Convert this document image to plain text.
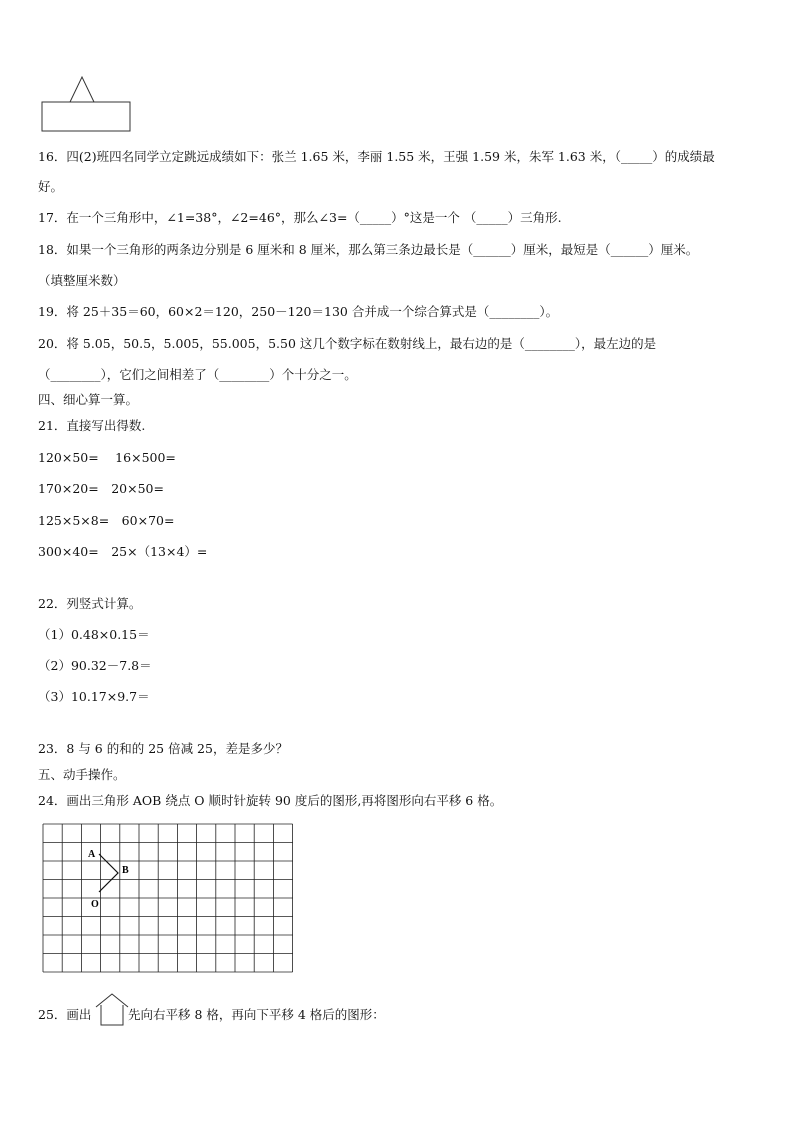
16．四(2)班四名同学立定跳远成绩如下：张兰 1.65 米，李丽 1.55 米，王强 1.59 米，朱军 1.63 米，（_____）的成绩最
好。
17．在一个三角形中，∠1=38°，∠2=46°，那么∠3=（_____）°这是一个 （_____）三角形.
18．如果一个三角形的两条边分别是 6 厘米和 8 厘米，那么第三条边最长是（______）厘米，最短是（______）厘米。
（填整厘米数）
19．将 25＋35＝60，60×2＝120，250－120＝130 合并成一个综合算式是（________）。
20．将 5.05，50.5，5.005，55.005，5.50 这几个数字标在数射线上，最右边的是（________），最左边的是
（________），它们之间相差了（________）个十分之一。
四、细心算一算。
21．直接写出得数.
120×50=　 16×500=
170×20=　20×50=
125×5×8=　60×70=
300×40=　25×（13×4）=
22．列竖式计算。
（1）0.48×0.15＝
（2）90.32－7.8＝
（3）10.17×9.7＝
23．8 与 6 的和的 25 倍减 25，差是多少？
五、动手操作。
24．画出三角形 AOB 绕点 O 顺时针旋转 90 度后的图形,再将图形向右平移 6 格。
A
B
O
25．画出	先向右平移 8 格，再向下平移 4 格后的图形：
